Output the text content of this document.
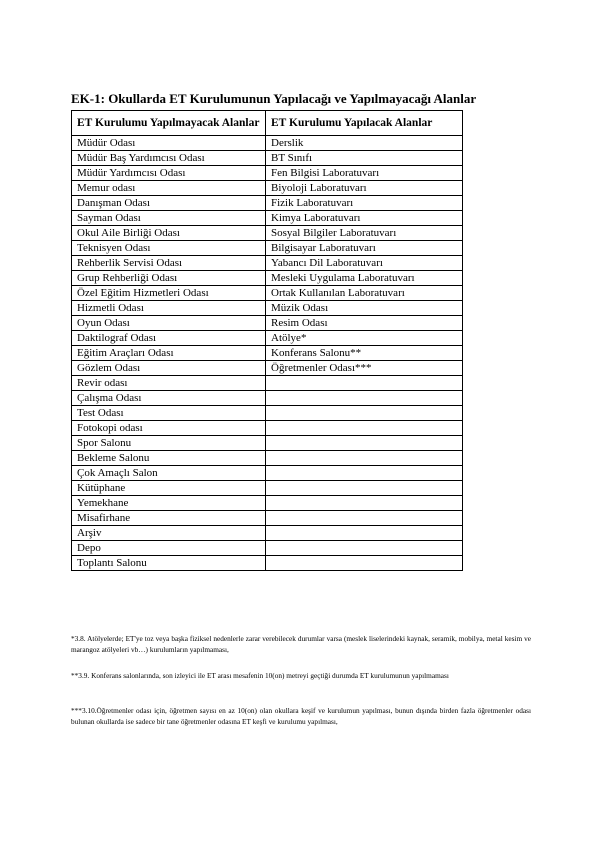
EK-1: Okullarda ET Kurulumunun Yapılacağı ve Yapılmayacağı Alanlar
ET Kurulumu Yapılmayacak Alanlar	ET Kurulumu Yapılacak Alanlar
Müdür Odası	Derslik
Müdür Baş Yardımcısı Odası	BT Sınıfı
Müdür Yardımcısı Odası	Fen Bilgisi Laboratuvarı
Memur odası	Biyoloji Laboratuvarı
Danışman Odası	Fizik Laboratuvarı
Sayman Odası	Kimya Laboratuvarı
Okul Aile Birliği Odası	Sosyal Bilgiler Laboratuvarı
Teknisyen Odası	Bilgisayar Laboratuvarı
Rehberlik Servisi Odası	Yabancı Dil Laboratuvarı
Grup Rehberliği Odası	Mesleki Uygulama Laboratuvarı
Özel Eğitim Hizmetleri Odası	Ortak Kullanılan Laboratuvarı
Hizmetli Odası	Müzik Odası
Oyun Odası	Resim Odası
Daktilograf Odası	Atölye*
Eğitim Araçları Odası	Konferans Salonu**
Gözlem Odası	Öğretmenler Odası***
Revir odası	
Çalışma Odası	
Test Odası	
Fotokopi odası	
Spor Salonu	
Bekleme Salonu	
Çok Amaçlı Salon	
Kütüphane	
Yemekhane	
Misafirhane	
Arşiv	
Depo	
Toplantı Salonu	
*3.8. Atölyelerde; ET'ye toz veya başka fiziksel nedenlerle zarar verebilecek durumlar varsa (meslek liselerindeki kaynak, seramik, mobilya, metal kesim ve marangoz atölyeleri vb…) kurulumların yapılmaması,
**3.9. Konferans salonlarında, son izleyici ile ET arası mesafenin 10(on) metreyi geçtiği durumda ET kurulumunun yapılmaması
***3.10.Öğretmenler odası için, öğretmen sayısı en az 10(on) olan okullara keşif ve kurulumun yapılması, bunun dışında birden fazla öğretmenler odası bulunan okullarda ise sadece bir tane öğretmenler odasına ET keşfi ve kurulumu yapılması,
